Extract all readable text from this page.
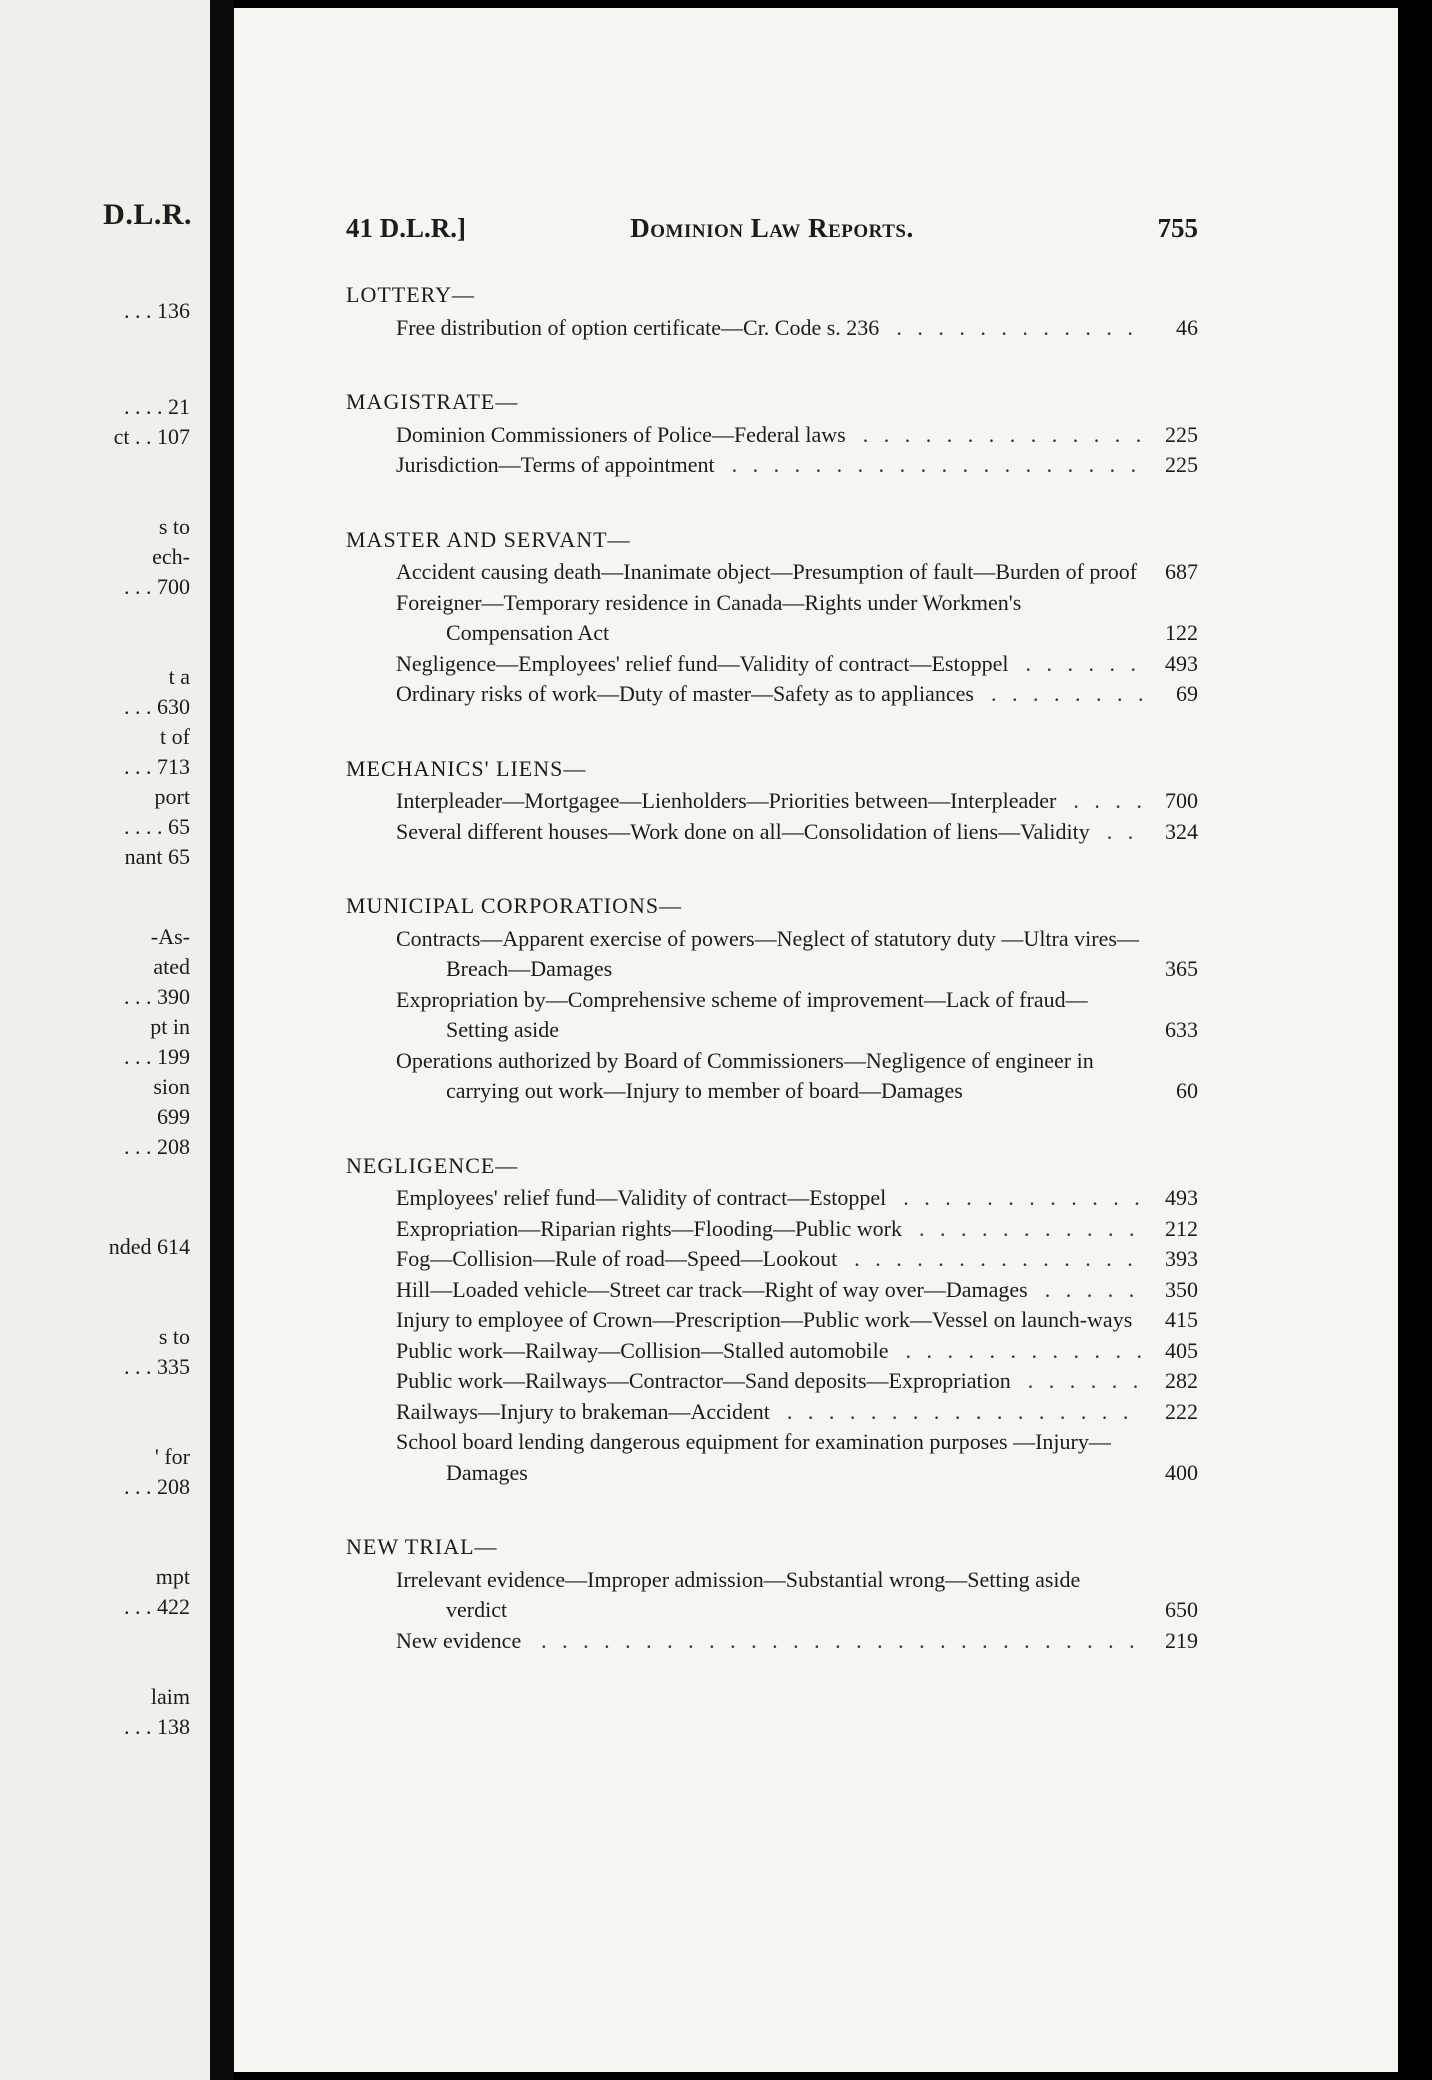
D.L.R.
. . . 136
. . . . 21
ct . . 107
s to
ech-
. . . 700
t a
. . . 630
t of
. . . 713
port
. . . . 65
nant 65
-As-
ated
. . . 390
pt in
. . . 199
sion
699
. . . 208
nded 614
s to
. . . 335
' for
. . . 208
mpt
. . . 422
laim
. . . 138
41 D.L.R.]	Dominion Law Reports.	755
LOTTERY—
Free distribution of option certificate—Cr. Code s. 236 . . .	46
MAGISTRATE—
Dominion Commissioners of Police—Federal laws . . .	225
Jurisdiction—Terms of appointment . . .	225
MASTER AND SERVANT—
Accident causing death—Inanimate object—Presumption of fault—Burden of proof . . . 687
Foreigner—Temporary residence in Canada—Rights under Workmen's Compensation Act	122
Negligence—Employees' relief fund—Validity of contract—Estoppel . . .	493
Ordinary risks of work—Duty of master—Safety as to appliances . . .	69
MECHANICS' LIENS—
Interpleader—Mortgagee—Lienholders—Priorities between—Interpleader . . .	700
Several different houses—Work done on all—Consolidation of liens—Validity . . .	324
MUNICIPAL CORPORATIONS—
Contracts—Apparent exercise of powers—Neglect of statutory duty —Ultra vires—Breach—Damages	365
Expropriation by—Comprehensive scheme of improvement—Lack of fraud—Setting aside	633
Operations authorized by Board of Commissioners—Negligence of engineer in carrying out work—Injury to member of board—Damages	60
NEGLIGENCE—
Employees' relief fund—Validity of contract—Estoppel . . .	493
Expropriation—Riparian rights—Flooding—Public work . . .	212
Fog—Collision—Rule of road—Speed—Lookout . . .	393
Hill—Loaded vehicle—Street car track—Right of way over—Damages . . .	350
Injury to employee of Crown—Prescription—Public work—Vessel on launch-ways . . . 415
Public work—Railway—Collision—Stalled automobile . . .	405
Public work—Railways—Contractor—Sand deposits—Expropriation . . .	282
Railways—Injury to brakeman—Accident . . .	222
School board lending dangerous equipment for examination purposes —Injury—Damages	400
NEW TRIAL—
Irrelevant evidence—Improper admission—Substantial wrong—Setting aside verdict	650
New evidence . . .	219
